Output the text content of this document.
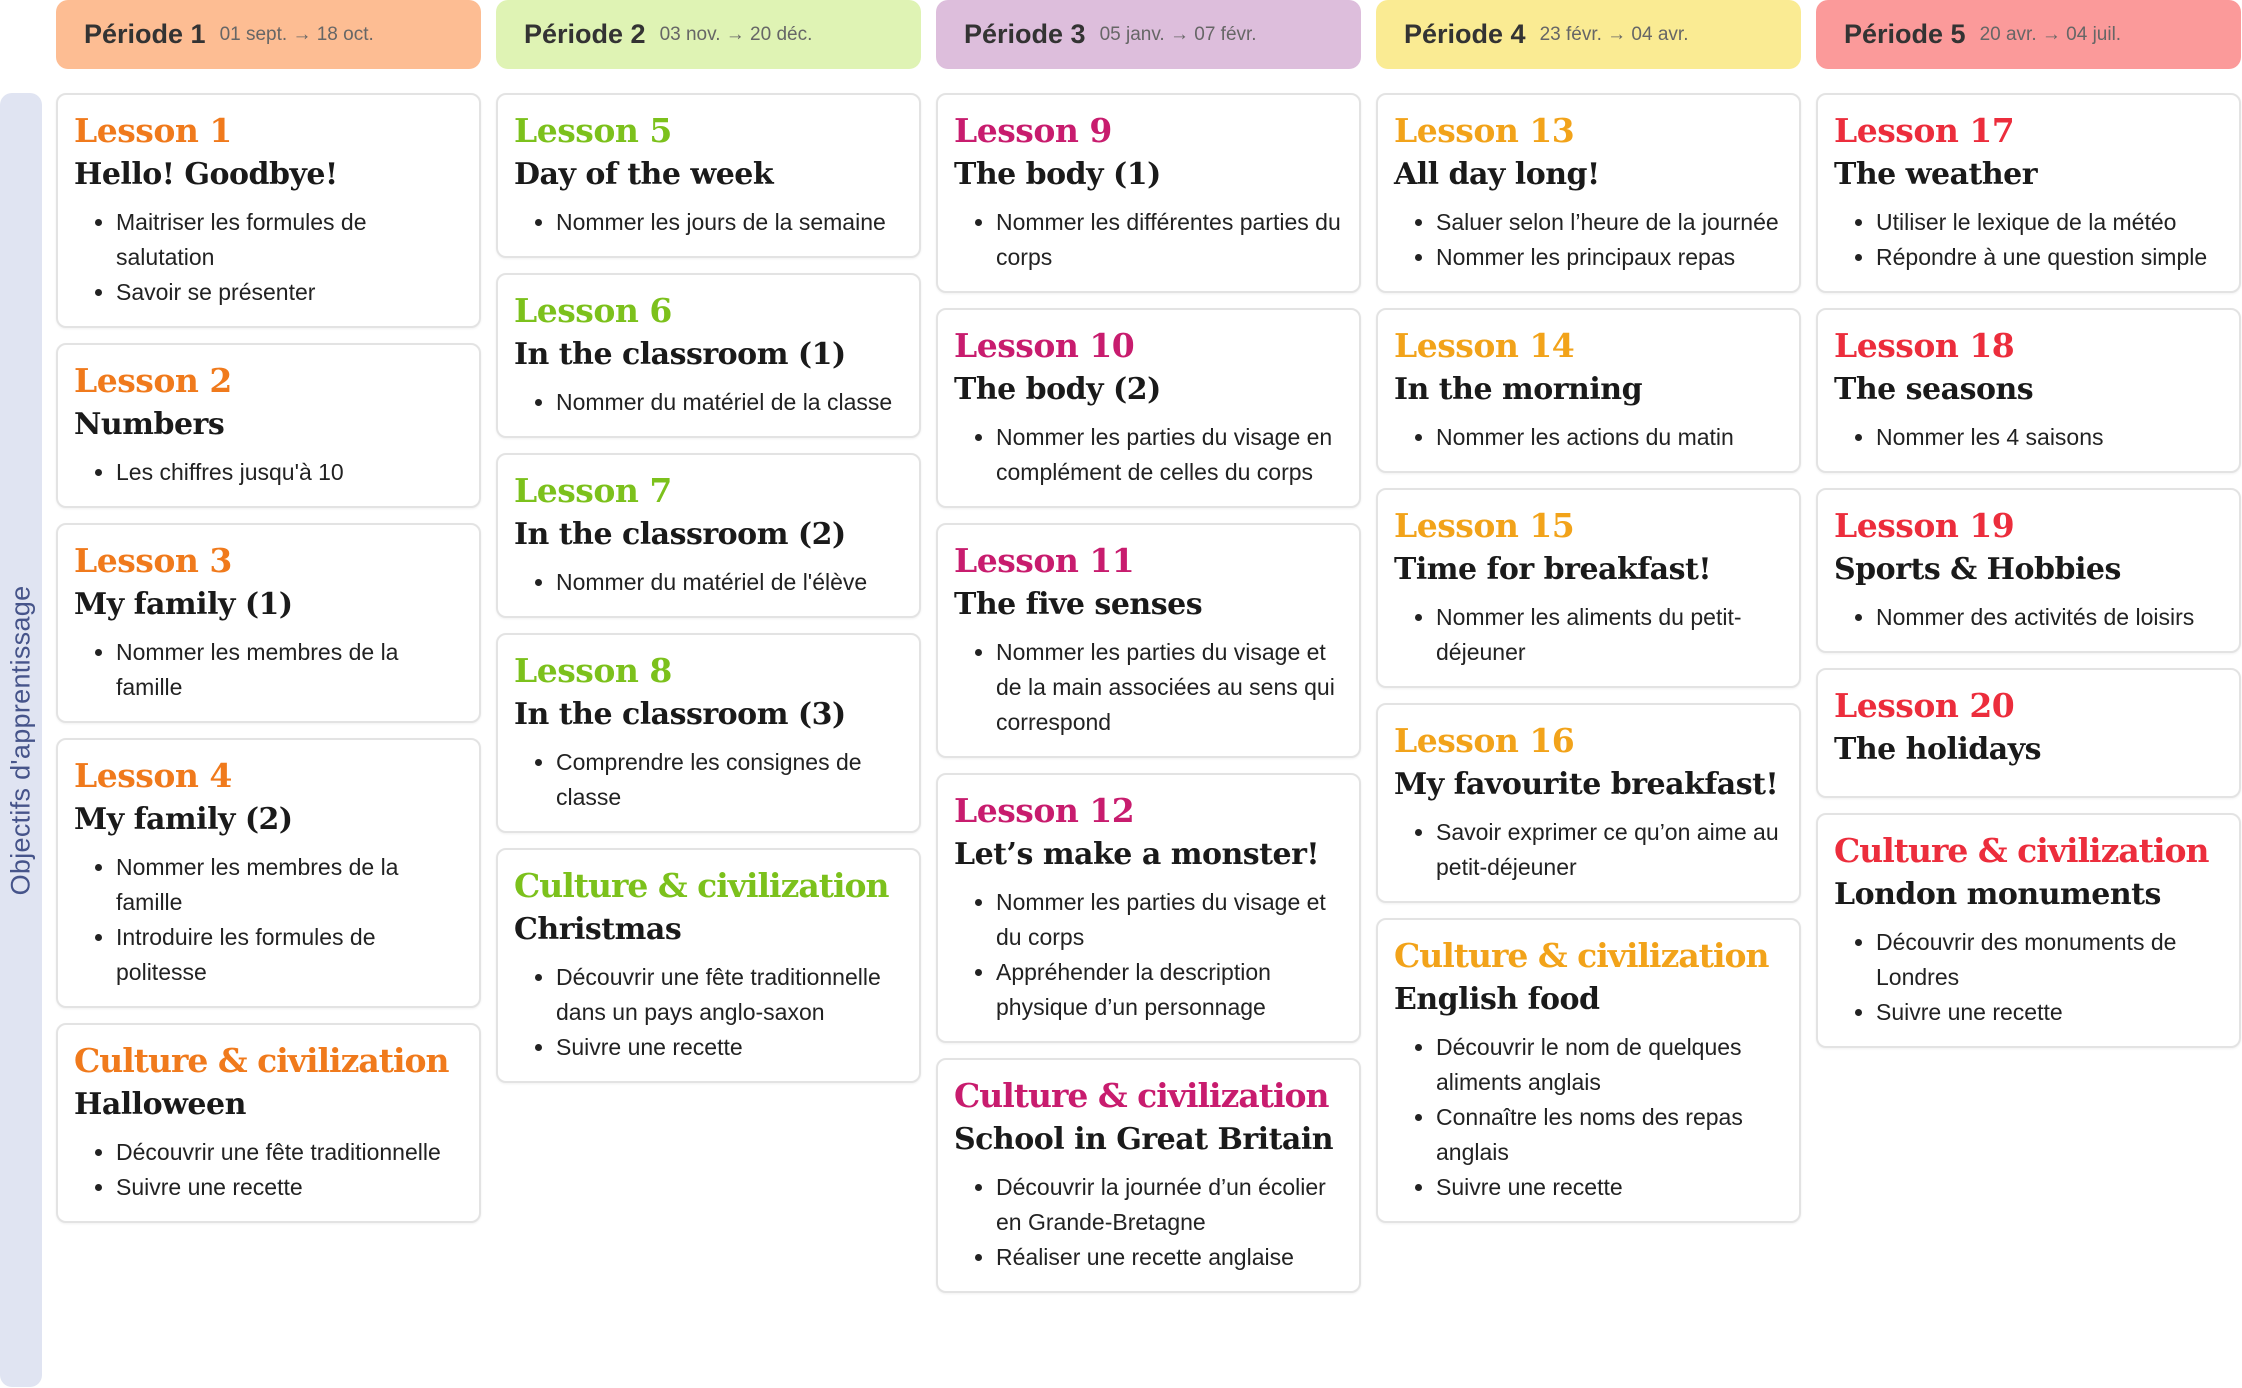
Objectifs d'apprentissage
Période 1 01 sept. → 18 oct.
Lesson 1
Hello! Goodbye!
• Maitriser les formules de salutation
• Savoir se présenter
Lesson 2
Numbers
• Les chiffres jusqu'à 10
Lesson 3
My family (1)
• Nommer les membres de la famille
Lesson 4
My family (2)
• Nommer les membres de la famille
• Introduire les formules de politesse
Culture & civilization
Halloween
• Découvrir une fête traditionnelle
• Suivre une recette
Période 2 03 nov. → 20 déc.
Lesson 5
Day of the week
• Nommer les jours de la semaine
Lesson 6
In the classroom (1)
• Nommer du matériel de la classe
Lesson 7
In the classroom (2)
• Nommer du matériel de l'élève
Lesson 8
In the classroom (3)
• Comprendre les consignes de classe
Culture & civilization
Christmas
• Découvrir une fête traditionnelle dans un pays anglo-saxon
• Suivre une recette
Période 3 05 janv. → 07 févr.
Lesson 9
The body (1)
• Nommer les différentes parties du corps
Lesson 10
The body (2)
• Nommer les parties du visage en complément de celles du corps
Lesson 11
The five senses
• Nommer les parties du visage et de la main associées au sens qui correspond
Lesson 12
Let’s make a monster!
• Nommer les parties du visage et du corps
• Appréhender la description physique d’un personnage
Culture & civilization
School in Great Britain
• Découvrir la journée d’un écolier en Grande-Bretagne
• Réaliser une recette anglaise
Période 4 23 févr. → 04 avr.
Lesson 13
All day long!
• Saluer selon l’heure de la journée
• Nommer les principaux repas
Lesson 14
In the morning
• Nommer les actions du matin
Lesson 15
Time for breakfast!
• Nommer les aliments du petit-déjeuner
Lesson 16
My favourite breakfast!
• Savoir exprimer ce qu’on aime au petit-déjeuner
Culture & civilization
English food
• Découvrir le nom de quelques aliments anglais
• Connaître les noms des repas anglais
• Suivre une recette
Période 5 20 avr. → 04 juil.
Lesson 17
The weather
• Utiliser le lexique de la météo
• Répondre à une question simple
Lesson 18
The seasons
• Nommer les 4 saisons
Lesson 19
Sports & Hobbies
• Nommer des activités de loisirs
Lesson 20
The holidays
Culture & civilization
London monuments
• Découvrir des monuments de Londres
• Suivre une recette
